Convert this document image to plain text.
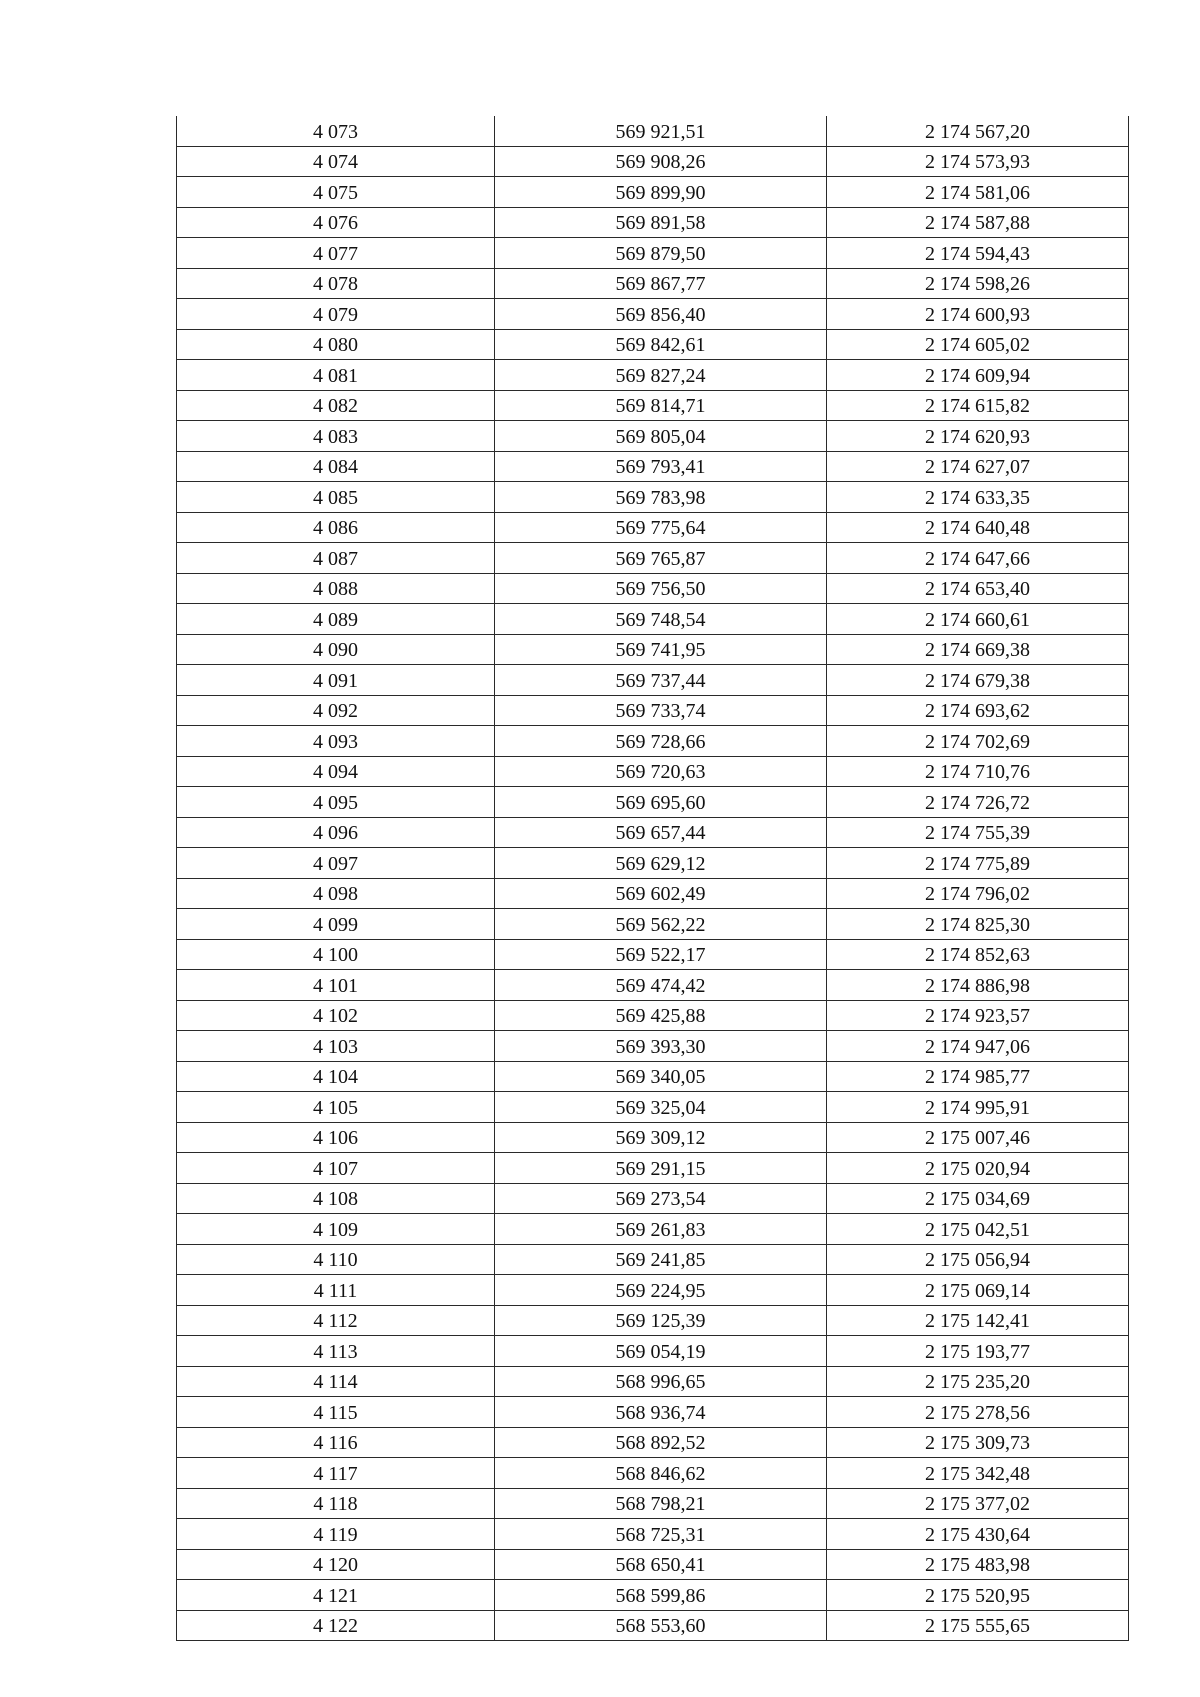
4 073	569 921,51	2 174 567,20
4 074	569 908,26	2 174 573,93
4 075	569 899,90	2 174 581,06
4 076	569 891,58	2 174 587,88
4 077	569 879,50	2 174 594,43
4 078	569 867,77	2 174 598,26
4 079	569 856,40	2 174 600,93
4 080	569 842,61	2 174 605,02
4 081	569 827,24	2 174 609,94
4 082	569 814,71	2 174 615,82
4 083	569 805,04	2 174 620,93
4 084	569 793,41	2 174 627,07
4 085	569 783,98	2 174 633,35
4 086	569 775,64	2 174 640,48
4 087	569 765,87	2 174 647,66
4 088	569 756,50	2 174 653,40
4 089	569 748,54	2 174 660,61
4 090	569 741,95	2 174 669,38
4 091	569 737,44	2 174 679,38
4 092	569 733,74	2 174 693,62
4 093	569 728,66	2 174 702,69
4 094	569 720,63	2 174 710,76
4 095	569 695,60	2 174 726,72
4 096	569 657,44	2 174 755,39
4 097	569 629,12	2 174 775,89
4 098	569 602,49	2 174 796,02
4 099	569 562,22	2 174 825,30
4 100	569 522,17	2 174 852,63
4 101	569 474,42	2 174 886,98
4 102	569 425,88	2 174 923,57
4 103	569 393,30	2 174 947,06
4 104	569 340,05	2 174 985,77
4 105	569 325,04	2 174 995,91
4 106	569 309,12	2 175 007,46
4 107	569 291,15	2 175 020,94
4 108	569 273,54	2 175 034,69
4 109	569 261,83	2 175 042,51
4 110	569 241,85	2 175 056,94
4 111	569 224,95	2 175 069,14
4 112	569 125,39	2 175 142,41
4 113	569 054,19	2 175 193,77
4 114	568 996,65	2 175 235,20
4 115	568 936,74	2 175 278,56
4 116	568 892,52	2 175 309,73
4 117	568 846,62	2 175 342,48
4 118	568 798,21	2 175 377,02
4 119	568 725,31	2 175 430,64
4 120	568 650,41	2 175 483,98
4 121	568 599,86	2 175 520,95
4 122	568 553,60	2 175 555,65
